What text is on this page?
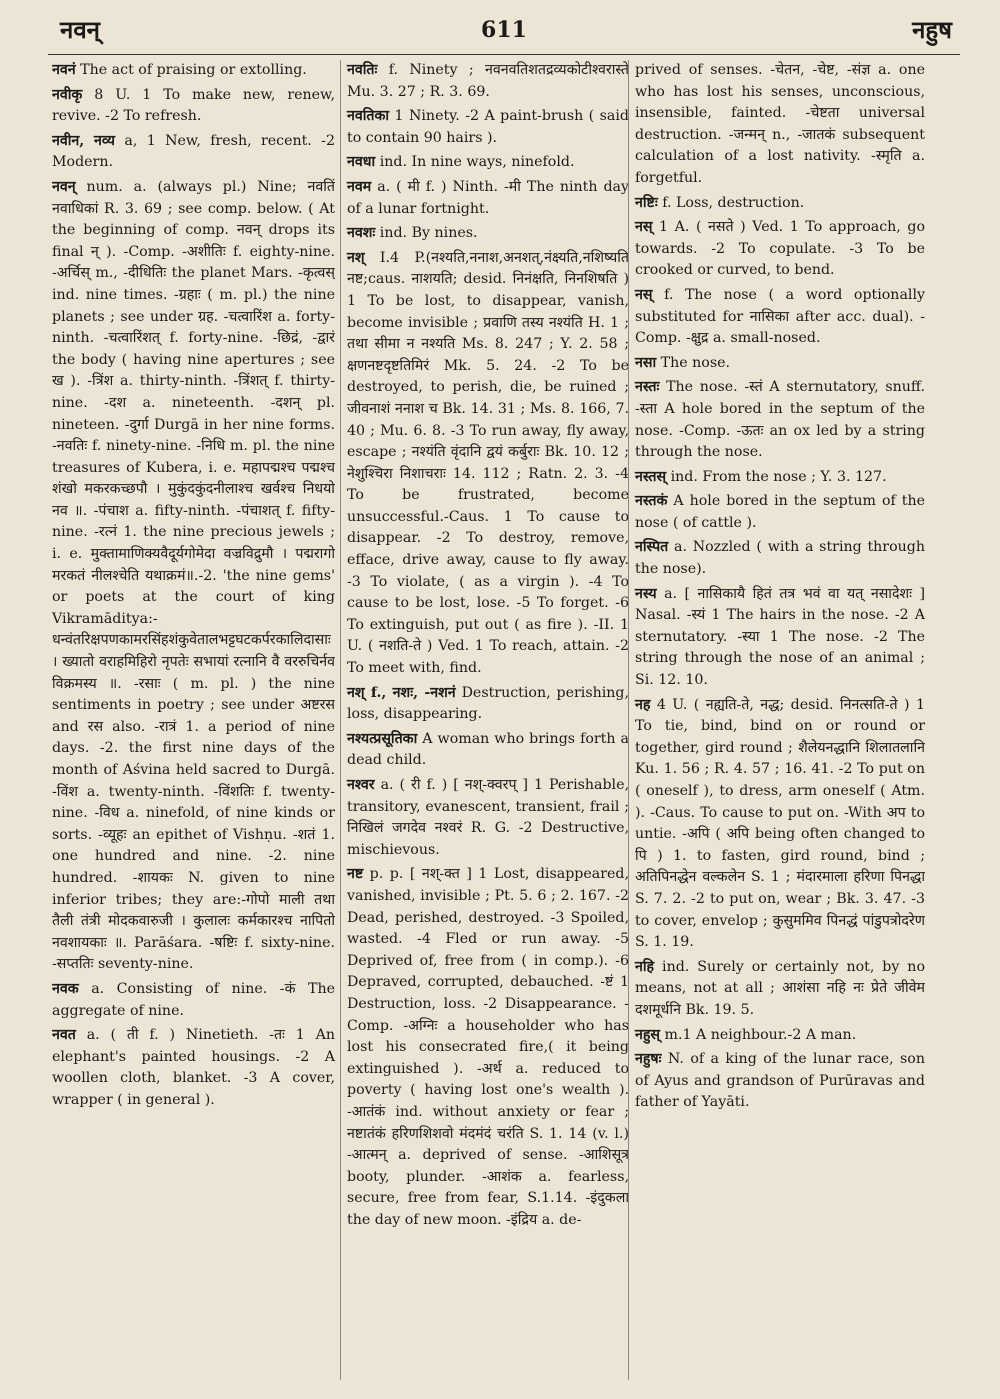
नवन्	611	नहुष

नवनं The act of praising or extolling.

नवीकृ 8 U. 1 To make new, renew, revive. -2 To refresh.

नवीन, नव्य a, 1 New, fresh, recent. -2 Modern.

नवन् num. a. (always pl.) Nine; नवतिं नवाधिकां R. 3. 69 ; see comp. below. ( At the beginning of comp. नवन् drops its final न् ). -Comp. -अशीतिः f. eighty-nine. -अर्चिस् m., -दीधितिः the planet Mars. -कृत्वस् ind. nine times. -ग्रहाः ( m. pl.) the nine planets ; see under ग्रह. -चत्वारिंश a. forty-ninth. -चत्वारिंशत् f. forty-nine. -छिद्रं, -द्वारं the body ( having nine apertures ; see ख ). -त्रिंश a. thirty-ninth. -त्रिंशत् f. thirty-nine. -दश a. nineteenth. -दशन् pl. nineteen. -दुर्गा Durgā in her nine forms. -नवतिः f. ninety-nine. -निधि m. pl. the nine treasures of Kubera, i. e. महापद्मश्च पद्मश्च शंखो मकरकच्छपौ । मुकुंदकुंदनीलाश्च खर्वश्च निधयो नव ॥. -पंचाश a. fifty-ninth. -पंचाशत् f. fifty-nine. -रत्नं 1. the nine precious jewels ; i. e. मुक्तामाणिक्यवैदूर्यगोमेदा वज्रविद्रुमौ । पद्मरागो मरकतं नीलश्चेति यथाक्रमं॥.-2. 'the nine gems' or poets at the court of king Vikramāditya:-धन्वंतरिक्षपणकामरसिंहशंकुवेतालभट्टघटकर्परकालिदासाः । ख्यातो वराहमिहिरो नृपतेः सभायां रत्नानि वै वररुचिर्नव विक्रमस्य ॥. -रसाः ( m. pl. ) the nine sentiments in poetry ; see under अष्टरस and रस also. -रात्रं 1. a period of nine days. -2. the first nine days of the month of Aśvina held sacred to Durgā. -विंश a. twenty-ninth. -विंशतिः f. twenty-nine. -विध a. ninefold, of nine kinds or sorts. -व्यूहः an epithet of Vishṇu. -शतं 1. one hundred and nine. -2. nine hundred. -शायकः N. given to nine inferior tribes; they are:-गोपो माली तथा तैली तंत्री मोदकवारुजी । कुलालः कर्मकारश्च नापितो नवशायकाः ॥. Parāśara. -षष्टिः f. sixty-nine. -सप्ततिः seventy-nine.

नवक a. Consisting of nine. -कं The aggregate of nine.

नवत a. ( ती f. ) Ninetieth. -तः 1 An elephant's painted housings. -2 A woollen cloth, blanket. -3 A cover, wrapper ( in general ).

नवतिः f. Ninety ; नवनवतिशतद्रव्यकोटीश्वरास्ते Mu. 3. 27 ; R. 3. 69.

नवतिका 1 Ninety. -2 A paint-brush ( said to contain 90 hairs ).

नवधा ind. In nine ways, ninefold.

नवम a. ( मी f. ) Ninth. -मी The ninth day of a lunar fortnight.

नवशः ind. By nines.

नश् I.4 P.(नश्यति,ननाश,अनशत्,नंक्ष्यति,नशिष्यति नष्ट;caus. नाशयति; desid. निनंक्षति, निनशिषति ) 1 To be lost, to disappear, vanish, become invisible ; प्रवाणि तस्य नश्यंति H. 1 ; तथा सीमा न नश्यति Ms. 8. 247 ; Y. 2. 58 ; क्षणनष्टदृष्टतिमिरं Mk. 5. 24. -2 To be destroyed, to perish, die, be ruined ; जीवनाशं ननाश च Bk. 14. 31 ; Ms. 8. 166, 7. 40 ; Mu. 6. 8. -3 To run away, fly away, escape ; नश्यंति वृंदानि द्वयं कर्बुराः Bk. 10. 12 ; नेशुश्चिरा निशाचराः 14. 112 ; Ratn. 2. 3. -4 To be frustrated, become unsuccessful.-Caus. 1 To cause to disappear. -2 To destroy, remove, efface, drive away, cause to fly away. -3 To violate, ( as a virgin ). -4 To cause to be lost, lose. -5 To forget. -6 To extinguish, put out ( as fire ). -II. 1 U. ( नशति-ते ) Ved. 1 To reach, attain. -2 To meet with, find.

नश् f., नशः, -नशनं Destruction, perishing, loss, disappearing.

नश्यत्प्रसूतिका A woman who brings forth a dead child.

नश्वर a. ( री f. ) [ नश्-क्वरप् ] 1 Perishable, transitory, evanescent, transient, frail ; निखिलं जगदेव नश्वरं R. G. -2 Destructive, mischievous.

नष्ट p. p. [ नश्-क्त ] 1 Lost, disappeared, vanished, invisible ; Pt. 5. 6 ; 2. 167. -2 Dead, perished, destroyed. -3 Spoiled, wasted. -4 Fled or run away. -5 Deprived of, free from ( in comp.). -6 Depraved, corrupted, debauched. -ष्टं 1 Destruction, loss. -2 Disappearance. -Comp. -अग्निः a householder who has lost his consecrated fire,( it being extinguished ). -अर्थ a. reduced to poverty ( having lost one's wealth ). -आतंकं ind. without anxiety or fear ; नष्टातंकं हरिणशिशवो मंदमंदं चरंति S. 1. 14 (v. l.) -आत्मन् a. deprived of sense. -आशिसूत्र booty, plunder. -आशंक a. fearless, secure, free from fear, S.1.14. -इंदुकला the day of new moon. -इंद्रिय a. de-

prived of senses. -चेतन, -चेष्ट, -संज्ञ a. one who has lost his senses, unconscious, insensible, fainted. -चेष्टता universal destruction. -जन्मन् n., -जातकं subsequent calculation of a lost nativity. -स्मृति a. forgetful.

नष्टिः f. Loss, destruction.

नस् 1 A. ( नसते ) Ved. 1 To approach, go towards. -2 To copulate. -3 To be crooked or curved, to bend.

नस् f. The nose ( a word optionally substituted for नासिका after acc. dual). -Comp. -क्षुद्र a. small-nosed.

नसा The nose.

नस्तः The nose. -स्तं A sternutatory, snuff. -स्ता A hole bored in the septum of the nose. -Comp. -ऊतः an ox led by a string through the nose.

नस्तस् ind. From the nose ; Y. 3. 127.

नस्तकं A hole bored in the septum of the nose ( of cattle ).

नस्पित a. Nozzled ( with a string through the nose).

नस्य a. [ नासिकायै हितं तत्र भवं वा यत् नसादेशः ] Nasal. -स्यं 1 The hairs in the nose. -2 A sternutatory. -स्या 1 The nose. -2 The string through the nose of an animal ; Si. 12. 10.

नह 4 U. ( नह्यति-ते, नद्ध; desid. निनत्सति-ते ) 1 To tie, bind, bind on or round or together, gird round ; शैलेयनद्धानि शिलातलानि Ku. 1. 56 ; R. 4. 57 ; 16. 41. -2 To put on ( oneself ), to dress, arm oneself ( Atm. ). -Caus. To cause to put on. -With अप to untie. -अपि ( अपि being often changed to पि ) 1. to fasten, gird round, bind ; अतिपिनद्धेन वल्कलेन S. 1 ; मंदारमाला हरिणा पिनद्धा S. 7. 2. -2 to put on, wear ; Bk. 3. 47. -3 to cover, envelop ; कुसुममिव पिनद्धं पांडुपत्रोदरेण S. 1. 19.

नहि ind. Surely or certainly not, by no means, not at all ; आशंसा नहि नः प्रेते जीवेम दशमूर्धनि Bk. 19. 5.

नहुस् m.1 A neighbour.-2 A man.

नहुषः N. of a king of the lunar race, son of Ayus and grandson of Purūravas and father of Yayāti.
